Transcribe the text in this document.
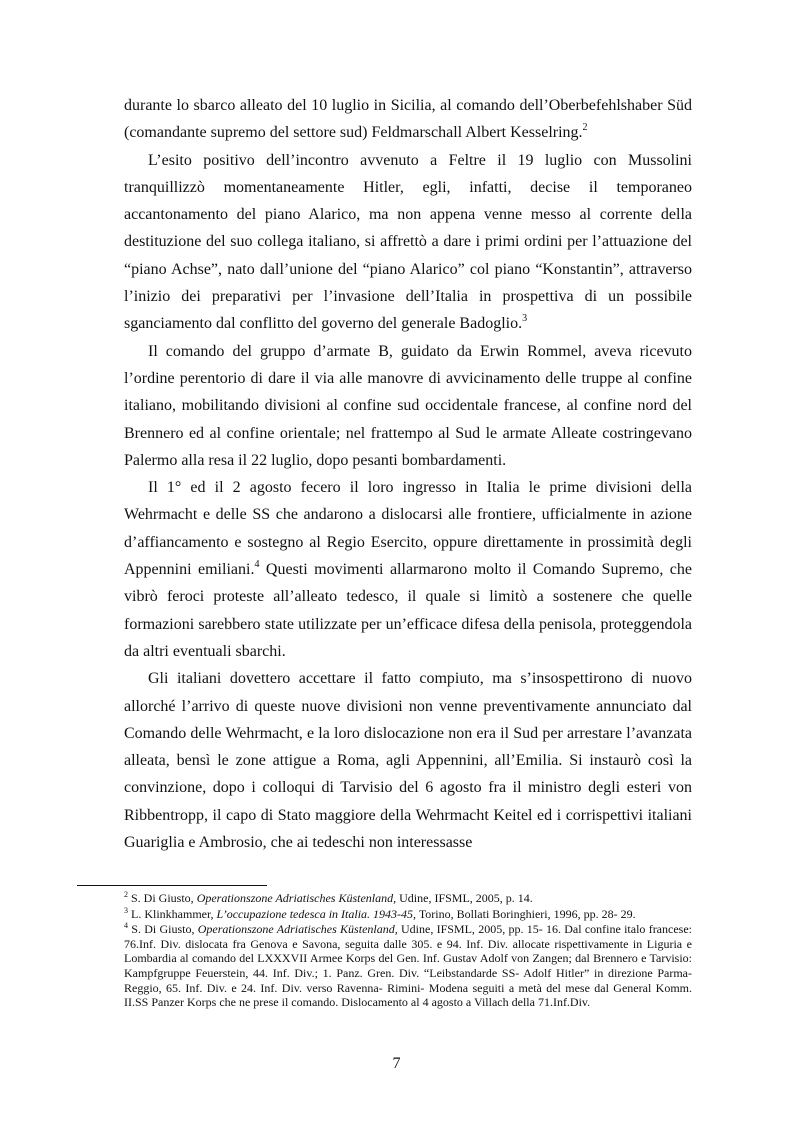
durante lo sbarco alleato del 10 luglio in Sicilia, al comando dell’Oberbefehlshaber Süd (comandante supremo del settore sud) Feldmarschall Albert Kesselring.$^2$

L’esito positivo dell’incontro avvenuto a Feltre il 19 luglio con Mussolini tranquillizzò momentaneamente Hitler, egli, infatti, decise il temporaneo accantonamento del piano Alarico, ma non appena venne messo al corrente della destituzione del suo collega italiano, si affrettò a dare i primi ordini per l’attuazione del “piano Achse”, nato dall’unione del “piano Alarico” col piano “Konstantin”, attraverso l’inizio dei preparativi per l’invasione dell’Italia in prospettiva di un possibile sganciamento dal conflitto del governo del generale Badoglio.$^3$

Il comando del gruppo d’armate B, guidato da Erwin Rommel, aveva ricevuto l’ordine perentorio di dare il via alle manovre di avvicinamento delle truppe al confine italiano, mobilitando divisioni al confine sud occidentale francese, al confine nord del Brennero ed al confine orientale; nel frattempo al Sud le armate Alleate costringevano Palermo alla resa il 22 luglio, dopo pesanti bombardamenti.

Il 1° ed il 2 agosto fecero il loro ingresso in Italia le prime divisioni della Wehrmacht e delle SS che andarono a dislocarsi alle frontiere, ufficialmente in azione d’affiancamento e sostegno al Regio Esercito, oppure direttamente in prossimità degli Appennini emiliani.$^4$ Questi movimenti allarmarono molto il Comando Supremo, che vibrò feroci proteste all’alleato tedesco, il quale si limitò a sostenere che quelle formazioni sarebbero state utilizzate per un’efficace difesa della penisola, proteggendola da altri eventuali sbarchi.

Gli italiani dovettero accettare il fatto compiuto, ma s’insospettirono di nuovo allorché l’arrivo di queste nuove divisioni non venne preventivamente annunciato dal Comando delle Wehrmacht, e la loro dislocazione non era il Sud per arrestare l’avanzata alleata, bensì le zone attigue a Roma, agli Appennini, all’Emilia. Si instaurò così la convinzione, dopo i colloqui di Tarvisio del 6 agosto fra il ministro degli esteri von Ribbentropp, il capo di Stato maggiore della Wehrmacht Keitel ed i corrispettivi italiani Guariglia e Ambrosio, che ai tedeschi non interessasse

$^2$ S. Di Giusto, Operationszone Adriatisches Küstenland, Udine, IFSML, 2005, p. 14.

$^3$ L. Klinkhammer, L’occupazione tedesca in Italia. 1943-45, Torino, Bollati Boringhieri, 1996, pp. 28- 29.

$^4$ S. Di Giusto, Operationszone Adriatisches Küstenland, Udine, IFSML, 2005, pp. 15- 16. Dal confine italo francese: 76.Inf. Div. dislocata fra Genova e Savona, seguita dalle 305. e 94. Inf. Div. allocate rispettivamente in Liguria e Lombardia al comando del LXXXVII Armee Korps del Gen. Inf. Gustav Adolf von Zangen; dal Brennero e Tarvisio: Kampfgruppe Feuerstein, 44. Inf. Div.; 1. Panz. Gren. Div. “Leibstandarde SS- Adolf Hitler” in direzione Parma- Reggio, 65. Inf. Div. e 24. Inf. Div. verso Ravenna- Rimini- Modena seguiti a metà del mese dal General Komm. II.SS Panzer Korps che ne prese il comando. Dislocamento al 4 agosto a Villach della 71.Inf.Div.

7
